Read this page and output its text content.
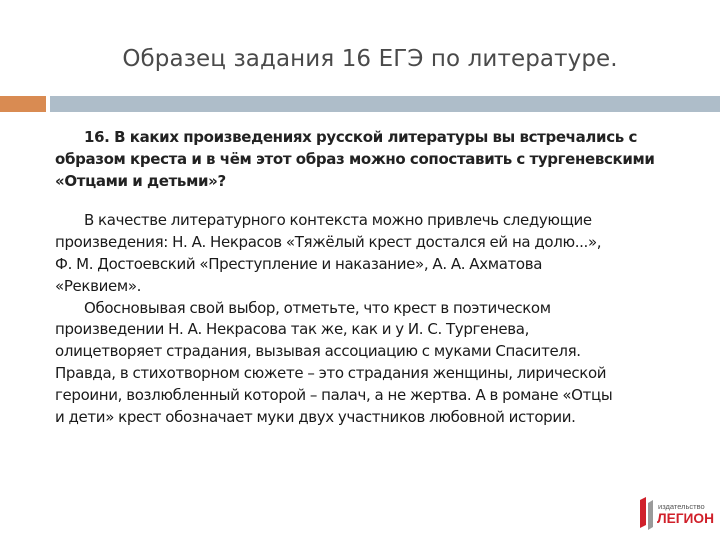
Образец задания 16 ЕГЭ по литературе.
16. В каких произведениях русской литературы вы встречались с
образом креста и в чём этот образ можно сопоставить с тургеневскими
«Отцами и детьми»?
В качестве литературного контекста можно привлечь следующие
произведения: Н. А. Некрасов «Тяжёлый крест достался ей на долю...»,
Ф. М. Достоевский «Преступление и наказание», А. А. Ахматова
«Реквием».
Обосновывая свой выбор, отметьте, что крест в поэтическом
произведении Н. А. Некрасова так же, как и у И. С. Тургенева,
олицетворяет страдания, вызывая ассоциацию с муками Спасителя.
Правда, в стихотворном сюжете – это страдания женщины, лирической
героини, возлюбленный которой – палач, а не жертва. А в романе «Отцы
и дети» крест обозначает муки двух участников любовной истории.
издательство
ЛЕГИОН
